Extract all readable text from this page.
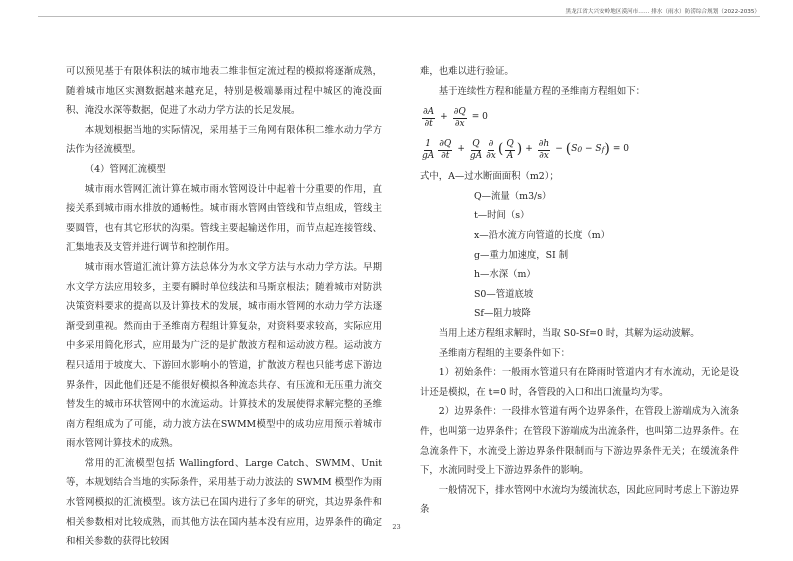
黑龙江省大兴安岭地区漠河市…… 排水（雨水）防涝综合规划（2022-2035）

可以预见基于有限体积法的城市地表二维非恒定流过程的模拟将逐渐成熟，随着城市地区实测数据越来越充足，特别是极端暴雨过程中城区的淹没面积、淹没水深等数据，促进了水动力学方法的长足发展。

本规划根据当地的实际情况，采用基于三角网有限体积二维水动力学方法作为径流模型。

（4）管网汇流模型

城市雨水管网汇流计算在城市雨水管网设计中起着十分重要的作用，直接关系到城市雨水排放的通畅性。城市雨水管网由管线和节点组成，管线主要圆管，也有其它形状的沟渠。管线主要起输送作用，而节点起连接管线、汇集地表及支管并进行调节和控制作用。

城市雨水管道汇流计算方法总体分为水文学方法与水动力学方法。早期水文学方法应用较多，主要有瞬时单位线法和马斯京根法；随着城市对防洪决策资料要求的提高以及计算技术的发展，城市雨水管网的水动力学方法逐渐受到重视。然而由于圣维南方程组计算复杂，对资料要求较高，实际应用中多采用简化形式，应用最为广泛的是扩散波方程和运动波方程。运动波方程只适用于坡度大、下游回水影响小的管道，扩散波方程也只能考虑下游边界条件，因此他们还是不能很好模拟各种流态共存、有压流和无压重力流交替发生的城市环状管网中的水流运动。计算技术的发展使得求解完整的圣维南方程组成为了可能，动力波方法在SWMM模型中的成功应用预示着城市雨水管网计算技术的成熟。

常用的汇流模型包括 Wallingford、Large Catch、SWMM、Unit 等，本规划结合当地的实际条件，采用基于动力波法的 SWMM 模型作为雨水管网模拟的汇流模型。该方法已在国内进行了多年的研究，其边界条件和相关参数相对比较成熟，而其他方法在国内基本没有应用，边界条件的确定和相关参数的获得比较困

难，也难以进行验证。

基于连续性方程和能量方程的圣维南方程组如下：

$\frac{\partial A}{\partial t} + \frac{\partial Q}{\partial x} = 0$
$\frac{1}{gA} \frac{\partial Q}{\partial t} + \frac{Q}{gA} \frac{\partial}{\partial x}$ ( $\frac{Q}{A}$ ) + $\frac{\partial h}{\partial x}$ − ( S 0 − S f ) = 0

式中，A—过水断面面积（m2）；

Q—流量（m3/s）

t—时间（s）

x—沿水流方向管道的长度（m）

g—重力加速度，SI 制

h—水深（m）

S0—管道底坡

Sf—阻力坡降

当用上述方程组求解时，当取 S0-Sf=0 时，其解为运动波解。

圣维南方程组的主要条件如下：

1）初始条件：一般雨水管道只有在降雨时管道内才有水流动，无论是设计还是模拟，在 t=0 时，各管段的入口和出口流量均为零。

2）边界条件：一段排水管道有两个边界条件，在管段上游端成为入流条件，也叫第一边界条件；在管段下游端成为出流条件，也叫第二边界条件。在急流条件下，水流受上游边界条件限制而与下游边界条件无关；在缓流条件下，水流同时受上下游边界条件的影响。

一般情况下，排水管网中水流均为缓流状态，因此应同时考虑上下游边界条

23
